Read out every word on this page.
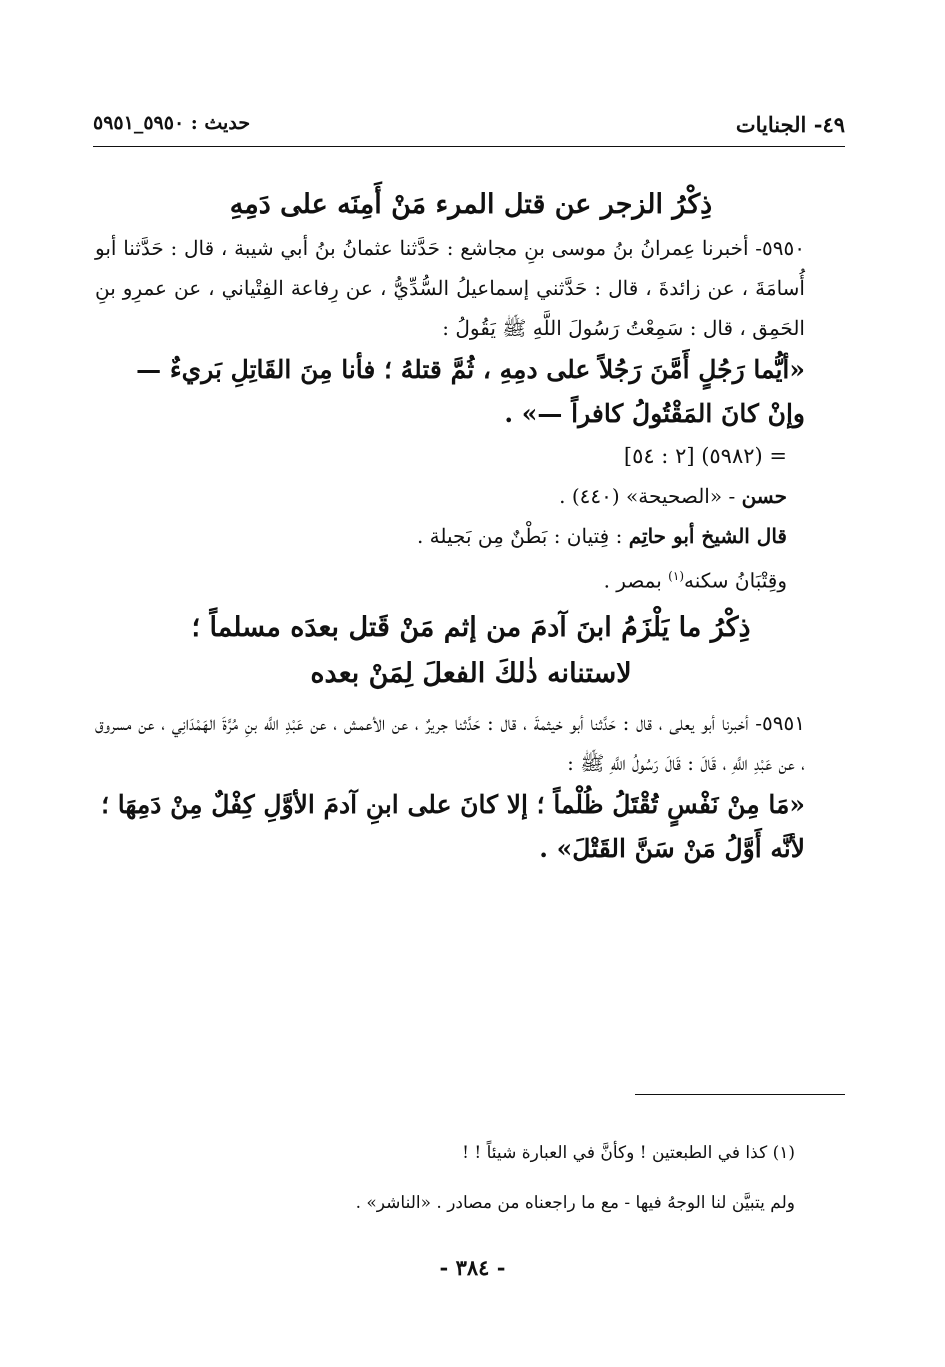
٤٩- الجنايات
حديث : ٥٩٥٠_٥٩٥١

ذِكْرُ الزجر عن قتل المرء مَنْ أَمِنَه على دَمِهِ

٥٩٥٠- أخبرنا عِمرانُ بنُ موسى بنِ مجاشع : حَدَّثنا عثمانُ بنُ أبي شيبة ، قال : حَدَّثنا أبو أُسامَةَ ، عن زائدةَ ، قال : حَدَّثني إسماعيلُ السُّدِّيُّ ، عن رِفاعة الفِتْياني ، عن عمرِو بنِ الحَمِق ، قال : سَمِعْتُ رَسُولَ اللَّهِ ﷺ يَقُولُ :

«أيُّما رَجُلٍ أَمَّنَ رَجُلاً على دمِهِ ، ثُمَّ قتلهُ ؛ فأنا مِنَ القَاتِلِ بَريءٌ — وإنْ كانَ المَقْتُولُ كافراً —» .

= (٥٩٨٢) [٢ : ٥٤]

حسن - «الصحيحة» (٤٤٠) .

قال الشيخ أبو حاتِم : فِتيان : بَطْنٌ مِن بَجيلة .

وقِتْبَانُ سكنه$^{(١)}$ بمصر .

ذِكْرُ ما يَلْزَمُ ابنَ آدمَ من إثم مَنْ قَتل بعدَه مسلماً ؛

لاستنانه ذٰلكَ الفعلَ لِمَنْ بعده

٥٩٥١- أخبرنا أبو يعلى ، قال : حَدَّثنا أبو خيثمةَ ، قال : حَدَّثنا جريرٌ ، عن الأعمش ، عن عَبْدِ اللَّه بنِ مُرَّةَ الهَمْدَانِي ، عن مسروق ، عن عَبْدِ اللَّهِ ، قَالَ : قَالَ رَسُولُ اللَّهِ ﷺ :

«مَا مِنْ نَفْسٍ تُقْتَلُ ظُلْماً ؛ إلا كانَ على ابنِ آدمَ الأوَّلِ كِفْلٌ مِنْ دَمِهَا ؛ لأنَّه أَوَّلُ مَنْ سَنَّ القَتْلَ» .

(١) كذا في الطبعتين ! وكأنَّ في العبارة شيئاً ! !

ولم يتبيَّن لنا الوجهُ فيها - مع ما راجعناه من مصادر . «الناشر» .

- ٣٨٤ -
